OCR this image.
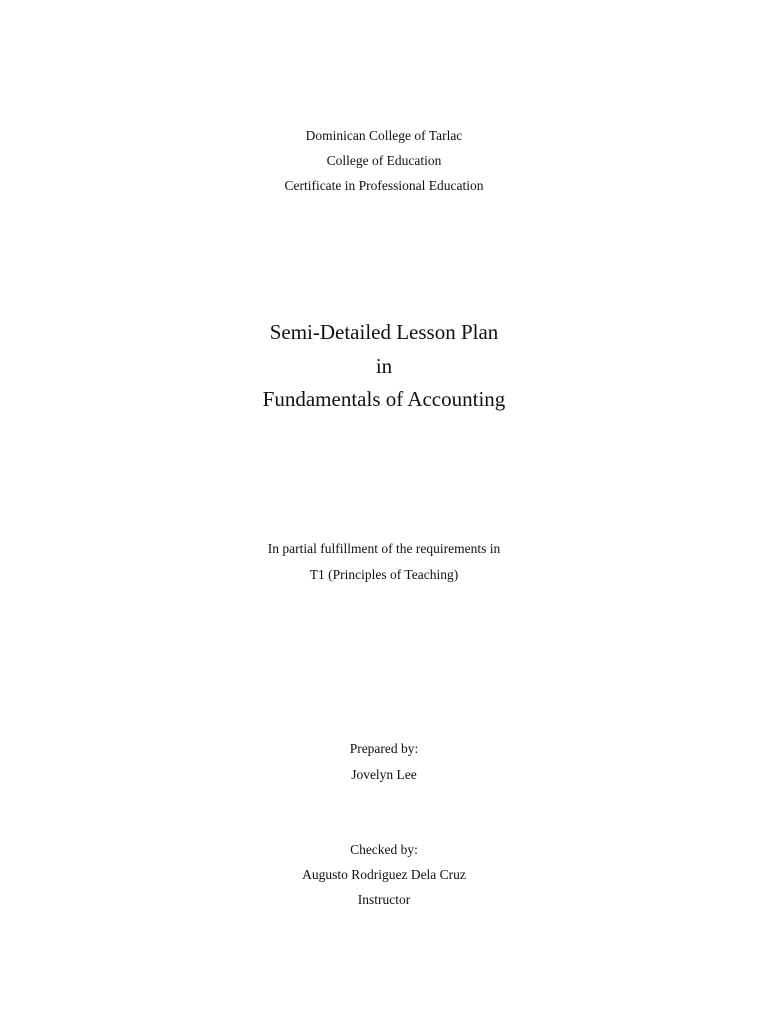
Dominican College of Tarlac
College of Education
Certificate in Professional Education
Semi-Detailed Lesson Plan
in
Fundamentals of Accounting
In partial fulfillment of the requirements in
T1 (Principles of Teaching)
Prepared by:
Jovelyn Lee
Checked by:
Augusto Rodriguez Dela Cruz
Instructor
